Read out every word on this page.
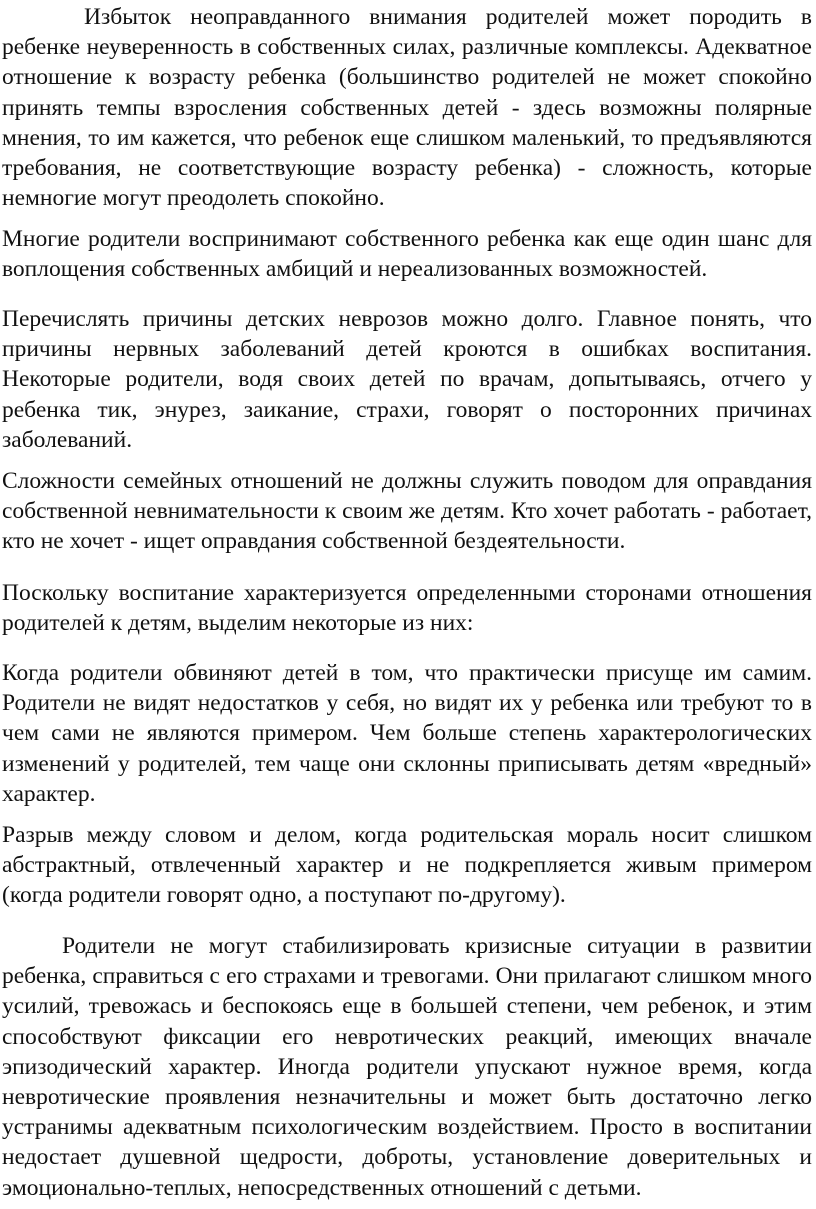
Избыток неоправданного внимания родителей может породить в ребенке неуверенность в собственных силах, различные комплексы. Адекватное отношение к возрасту ребенка (большинство родителей не может спокойно принять темпы взросления собственных детей - здесь возможны полярные мнения, то им кажется, что ребенок еще слишком маленький, то предъявляются требования, не соответствующие возрасту ребенка) - сложность, которые немногие могут преодолеть спокойно.

Многие родители воспринимают собственного ребенка как еще один шанс для воплощения собственных амбиций и нереализованных возможностей.

Перечислять причины детских неврозов можно долго. Главное понять, что причины нервных заболеваний детей кроются в ошибках воспитания. Некоторые родители, водя своих детей по врачам, допытываясь, отчего у ребенка тик, энурез, заикание, страхи, говорят о посторонних причинах заболеваний.

Сложности семейных отношений не должны служить поводом для оправдания собственной невнимательности к своим же детям. Кто хочет работать - работает, кто не хочет - ищет оправдания собственной бездеятельности.

Поскольку воспитание характеризуется определенными сторонами отношения родителей к детям, выделим некоторые из них:

Когда родители обвиняют детей в том, что практически присуще им самим. Родители не видят недостатков у себя, но видят их у ребенка или требуют то в чем сами не являются примером. Чем больше степень характерологических изменений у родителей, тем чаще они склонны приписывать детям «вредный» характер.

Разрыв между словом и делом, когда родительская мораль носит слишком абстрактный, отвлеченный характер и не подкрепляется живым примером (когда родители говорят одно, а поступают по-другому).

Родители не могут стабилизировать кризисные ситуации в развитии ребенка, справиться с его страхами и тревогами. Они прилагают слишком много усилий, тревожась и беспокоясь еще в большей степени, чем ребенок, и этим способствуют фиксации его невротических реакций, имеющих вначале эпизодический характер. Иногда родители упускают нужное время, когда невротические проявления незначительны и может быть достаточно легко устранимы адекватным психологическим воздействием. Просто в воспитании недостает душевной щедрости, доброты, установление доверительных и эмоционально-теплых, непосредственных отношений с детьми.
